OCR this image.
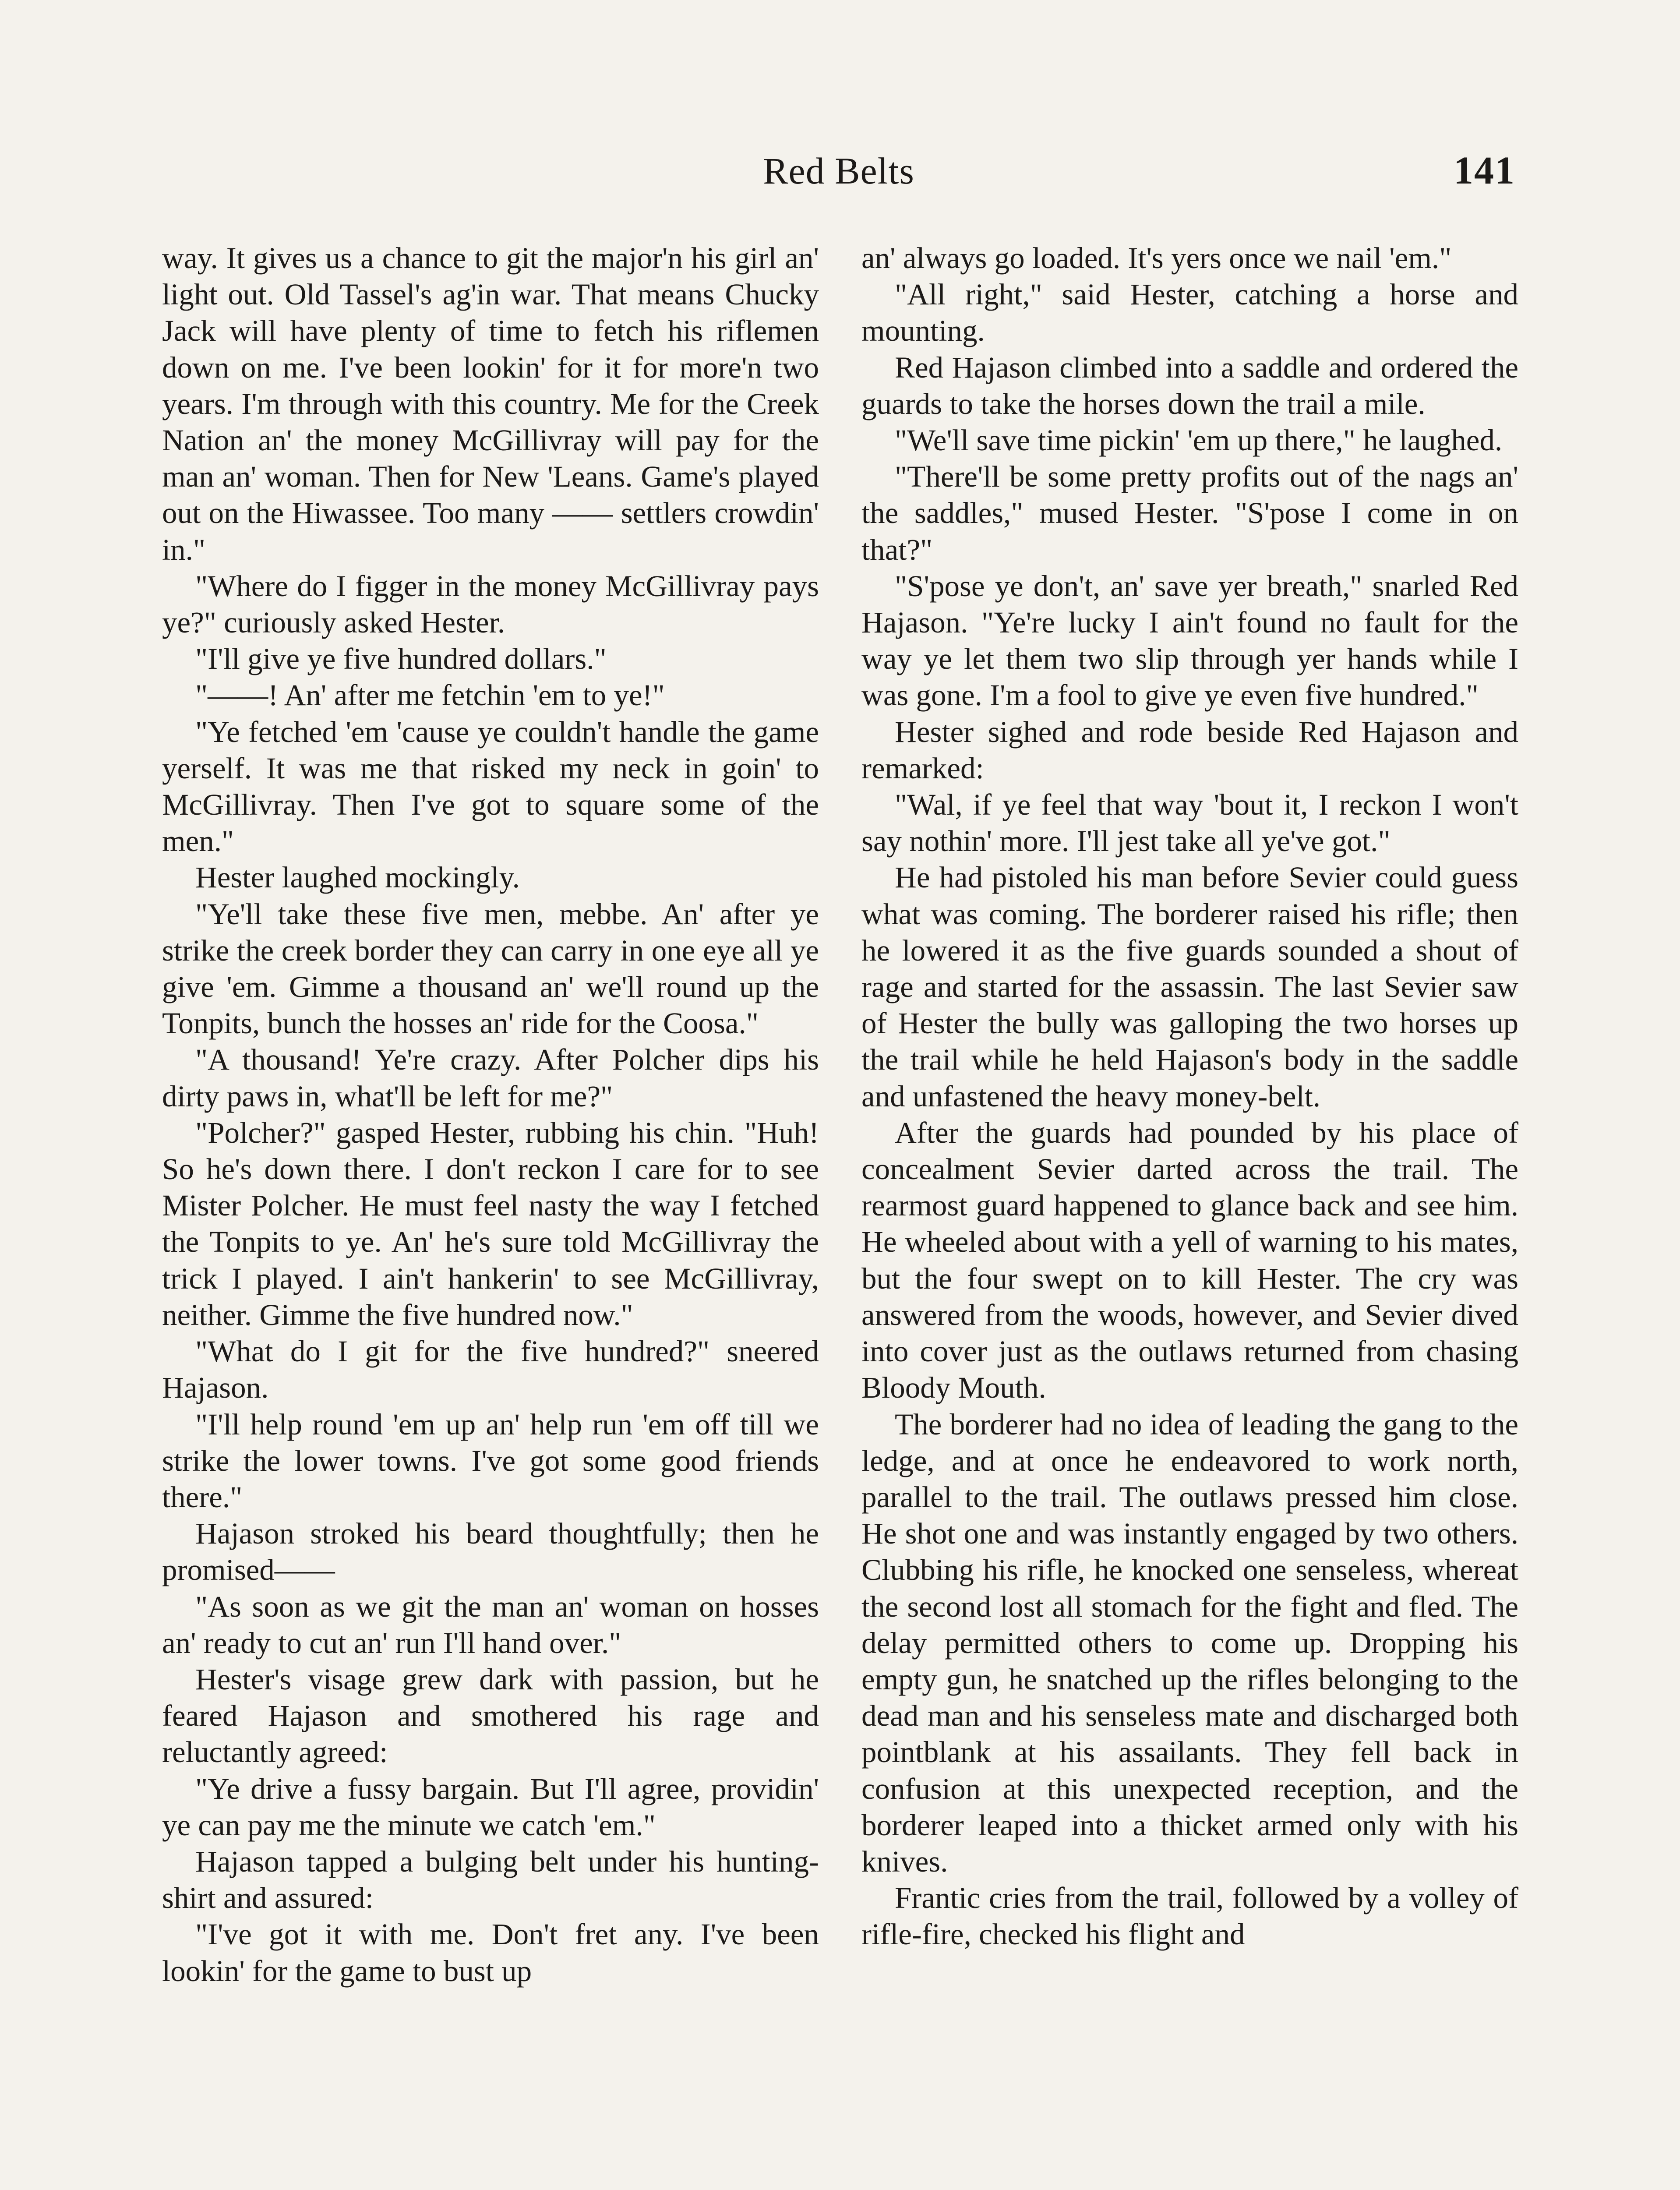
Red Belts	141

way. It gives us a chance to git the major'n his girl an' light out. Old Tassel's ag'in war. That means Chucky Jack will have plenty of time to fetch his riflemen down on me. I've been lookin' for it for more'n two years. I'm through with this country. Me for the Creek Nation an' the money McGillivray will pay for the man an' woman. Then for New 'Leans. Game's played out on the Hiwassee. Too many —— settlers crowdin' in."

"Where do I figger in the money McGillivray pays ye?" curiously asked Hester.

"I'll give ye five hundred dollars."

"——! An' after me fetchin 'em to ye!"

"Ye fetched 'em 'cause ye couldn't handle the game yerself. It was me that risked my neck in goin' to McGillivray. Then I've got to square some of the men."

Hester laughed mockingly.

"Ye'll take these five men, mebbe. An' after ye strike the creek border they can carry in one eye all ye give 'em. Gimme a thousand an' we'll round up the Tonpits, bunch the hosses an' ride for the Coosa."

"A thousand! Ye're crazy. After Polcher dips his dirty paws in, what'll be left for me?"

"Polcher?" gasped Hester, rubbing his chin. "Huh! So he's down there. I don't reckon I care for to see Mister Polcher. He must feel nasty the way I fetched the Tonpits to ye. An' he's sure told McGillivray the trick I played. I ain't hankerin' to see McGillivray, neither. Gimme the five hundred now."

"What do I git for the five hundred?" sneered Hajason.

"I'll help round 'em up an' help run 'em off till we strike the lower towns. I've got some good friends there."

Hajason stroked his beard thoughtfully; then he promised——

"As soon as we git the man an' woman on hosses an' ready to cut an' run I'll hand over."

Hester's visage grew dark with passion, but he feared Hajason and smothered his rage and reluctantly agreed:

"Ye drive a fussy bargain. But I'll agree, providin' ye can pay me the minute we catch 'em."

Hajason tapped a bulging belt under his hunting-shirt and assured:

"I've got it with me. Don't fret any. I've been lookin' for the game to bust up

an' always go loaded. It's yers once we nail 'em."

"All right," said Hester, catching a horse and mounting.

Red Hajason climbed into a saddle and ordered the guards to take the horses down the trail a mile.

"We'll save time pickin' 'em up there," he laughed.

"There'll be some pretty profits out of the nags an' the saddles," mused Hester. "S'pose I come in on that?"

"S'pose ye don't, an' save yer breath," snarled Red Hajason. "Ye're lucky I ain't found no fault for the way ye let them two slip through yer hands while I was gone. I'm a fool to give ye even five hundred."

Hester sighed and rode beside Red Hajason and remarked:

"Wal, if ye feel that way 'bout it, I reckon I won't say nothin' more. I'll jest take all ye've got."

He had pistoled his man before Sevier could guess what was coming. The borderer raised his rifle; then he lowered it as the five guards sounded a shout of rage and started for the assassin. The last Sevier saw of Hester the bully was galloping the two horses up the trail while he held Hajason's body in the saddle and unfastened the heavy money-belt.

After the guards had pounded by his place of concealment Sevier darted across the trail. The rearmost guard happened to glance back and see him. He wheeled about with a yell of warning to his mates, but the four swept on to kill Hester. The cry was answered from the woods, however, and Sevier dived into cover just as the outlaws returned from chasing Bloody Mouth.

The borderer had no idea of leading the gang to the ledge, and at once he endeavored to work north, parallel to the trail. The outlaws pressed him close. He shot one and was instantly engaged by two others. Clubbing his rifle, he knocked one senseless, whereat the second lost all stomach for the fight and fled. The delay permitted others to come up. Dropping his empty gun, he snatched up the rifles belonging to the dead man and his senseless mate and discharged both pointblank at his assailants. They fell back in confusion at this unexpected reception, and the borderer leaped into a thicket armed only with his knives.

Frantic cries from the trail, followed by a volley of rifle-fire, checked his flight and
